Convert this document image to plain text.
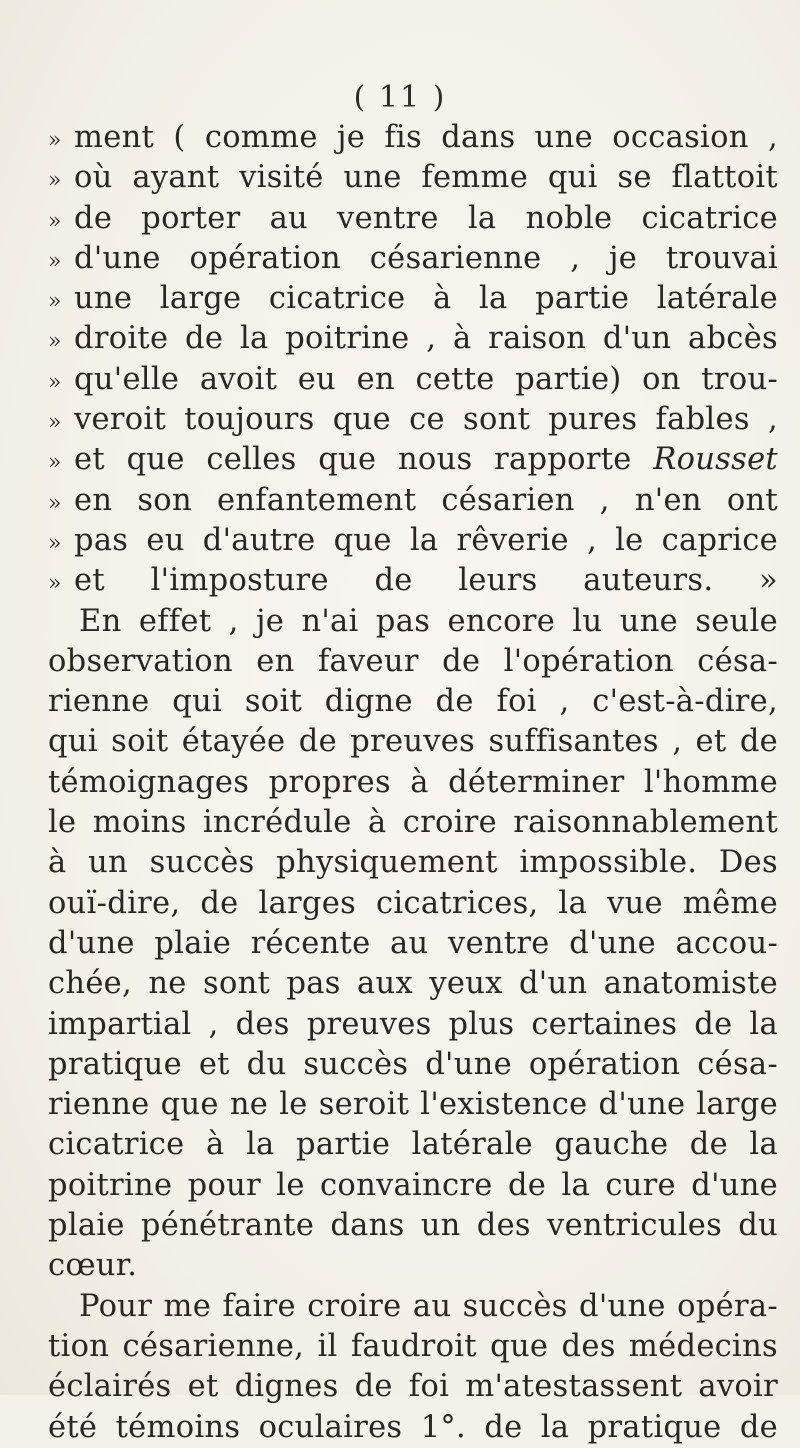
( 11 )
» ment ( comme je fis dans une occasion ,
» où ayant visité une femme qui se flattoit
» de porter au ventre la noble cicatrice
» d'une opération césarienne , je trouvai
» une large cicatrice à la partie latérale
» droite de la poitrine , à raison d'un abcès
» qu'elle avoit eu en cette partie) on trou-
» veroit toujours que ce sont pures fables ,
» et que celles que nous rapporte Rousset
» en son enfantement césarien , n'en ont
» pas eu d'autre que la rêverie , le caprice
» et l'imposture de leurs auteurs. »
En effet , je n'ai pas encore lu une seule
observation en faveur de l'opération césa-
rienne qui soit digne de foi , c'est-à-dire,
qui soit étayée de preuves suffisantes , et de
témoignages propres à déterminer l'homme
le moins incrédule à croire raisonnablement
à un succès physiquement impossible. Des
ouï-dire, de larges cicatrices, la vue même
d'une plaie récente au ventre d'une accou-
chée, ne sont pas aux yeux d'un anatomiste
impartial , des preuves plus certaines de la
pratique et du succès d'une opération césa-
rienne que ne le seroit l'existence d'une large
cicatrice à la partie latérale gauche de la
poitrine pour le convaincre de la cure d'une
plaie pénétrante dans un des ventricules du
cœur.
Pour me faire croire au succès d'une opéra-
tion césarienne, il faudroit que des médecins
éclairés et dignes de foi m'atestassent avoir
été témoins oculaires 1°. de la pratique de
